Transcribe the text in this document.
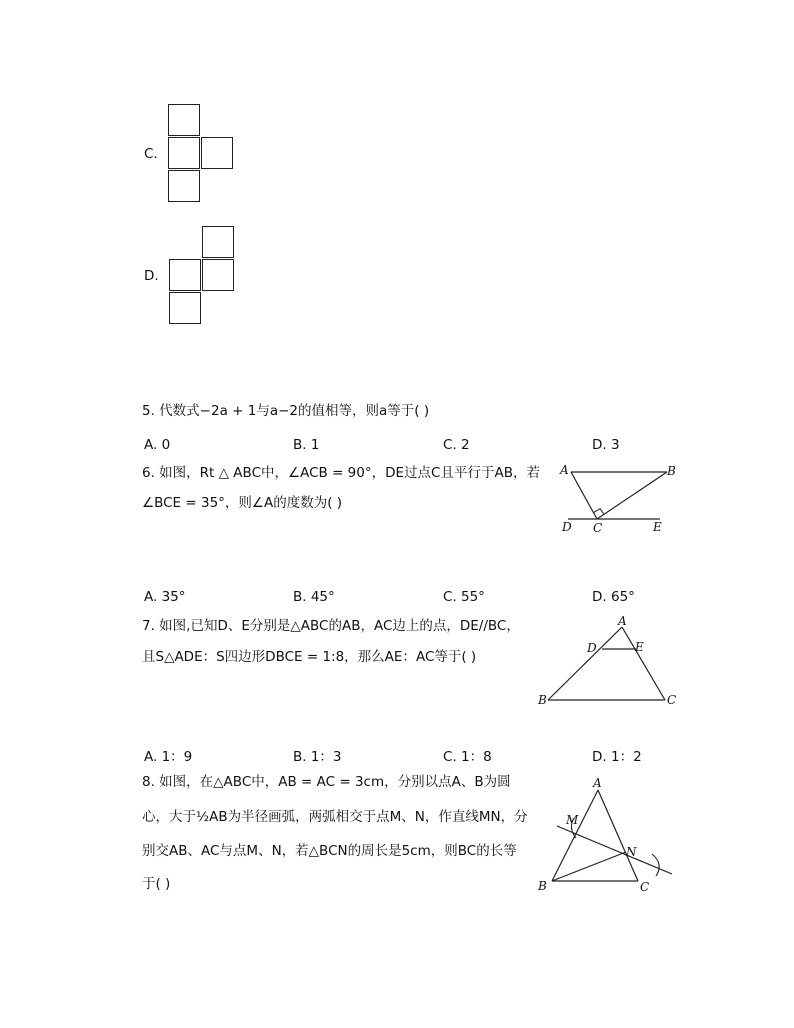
C.
D.
5. 代数式−2a + 1与a−2的值相等，则a等于( )
A. 0	B. 1	C. 2	D. 3
6. 如图，Rt △ ABC中，∠ACB = 90°，DE过点C且平行于AB，若
∠BCE = 35°，则∠A的度数为( )
A	B
C
D	E
A. 35°	B. 45°	C. 55°	D. 65°
7. 如图,已知D、E分别是△ABC的AB，AC边上的点，DE//BC，
且S△ADE：S四边形DBCE = 1:8，那么AE：AC等于( )
A
B	C
D	E
A. 1：9	B. 1：3	C. 1：8	D. 1：2
8. 如图，在△ABC中，AB = AC = 3cm，分别以点A、B为圆
心，大于½AB为半径画弧，两弧相交于点M、N，作直线MN，分
别交AB、AC与点M、N，若△BCN的周长是5cm，则BC的长等
于( )
A
B	C
M
N
